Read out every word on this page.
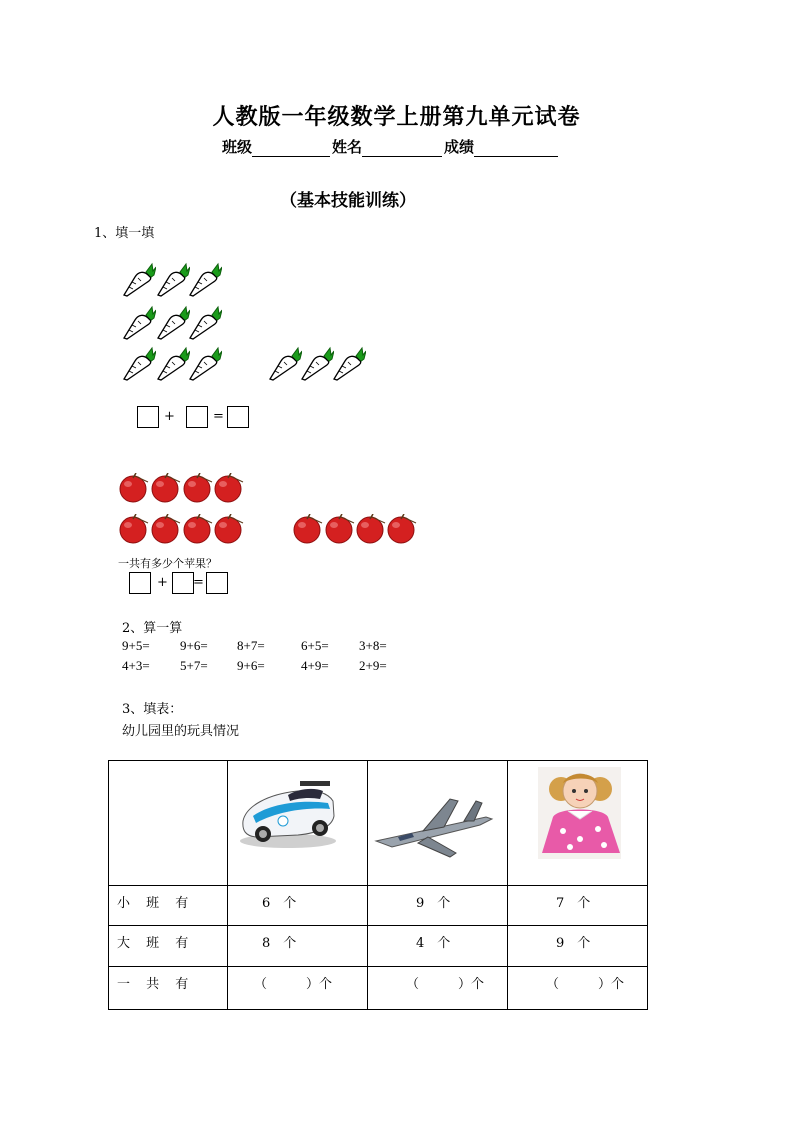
人教版一年级数学上册第九单元试卷
班级	姓名	成绩
（基本技能训练）
1、填一填
+	=
一共有多少个苹果？
+ =
2、算一算
9+5= 9+6= 8+7=	6+5= 3+8=
4+3= 5+7= 9+6=	4+9= 2+9=
3、填表：
幼儿园里的玩具情况

小 班 有	6　个	9　个	7　个
大 班 有	8　个	4　个	9　个
一 共 有	（　　　）个	（　　　）个	（　　　）个
